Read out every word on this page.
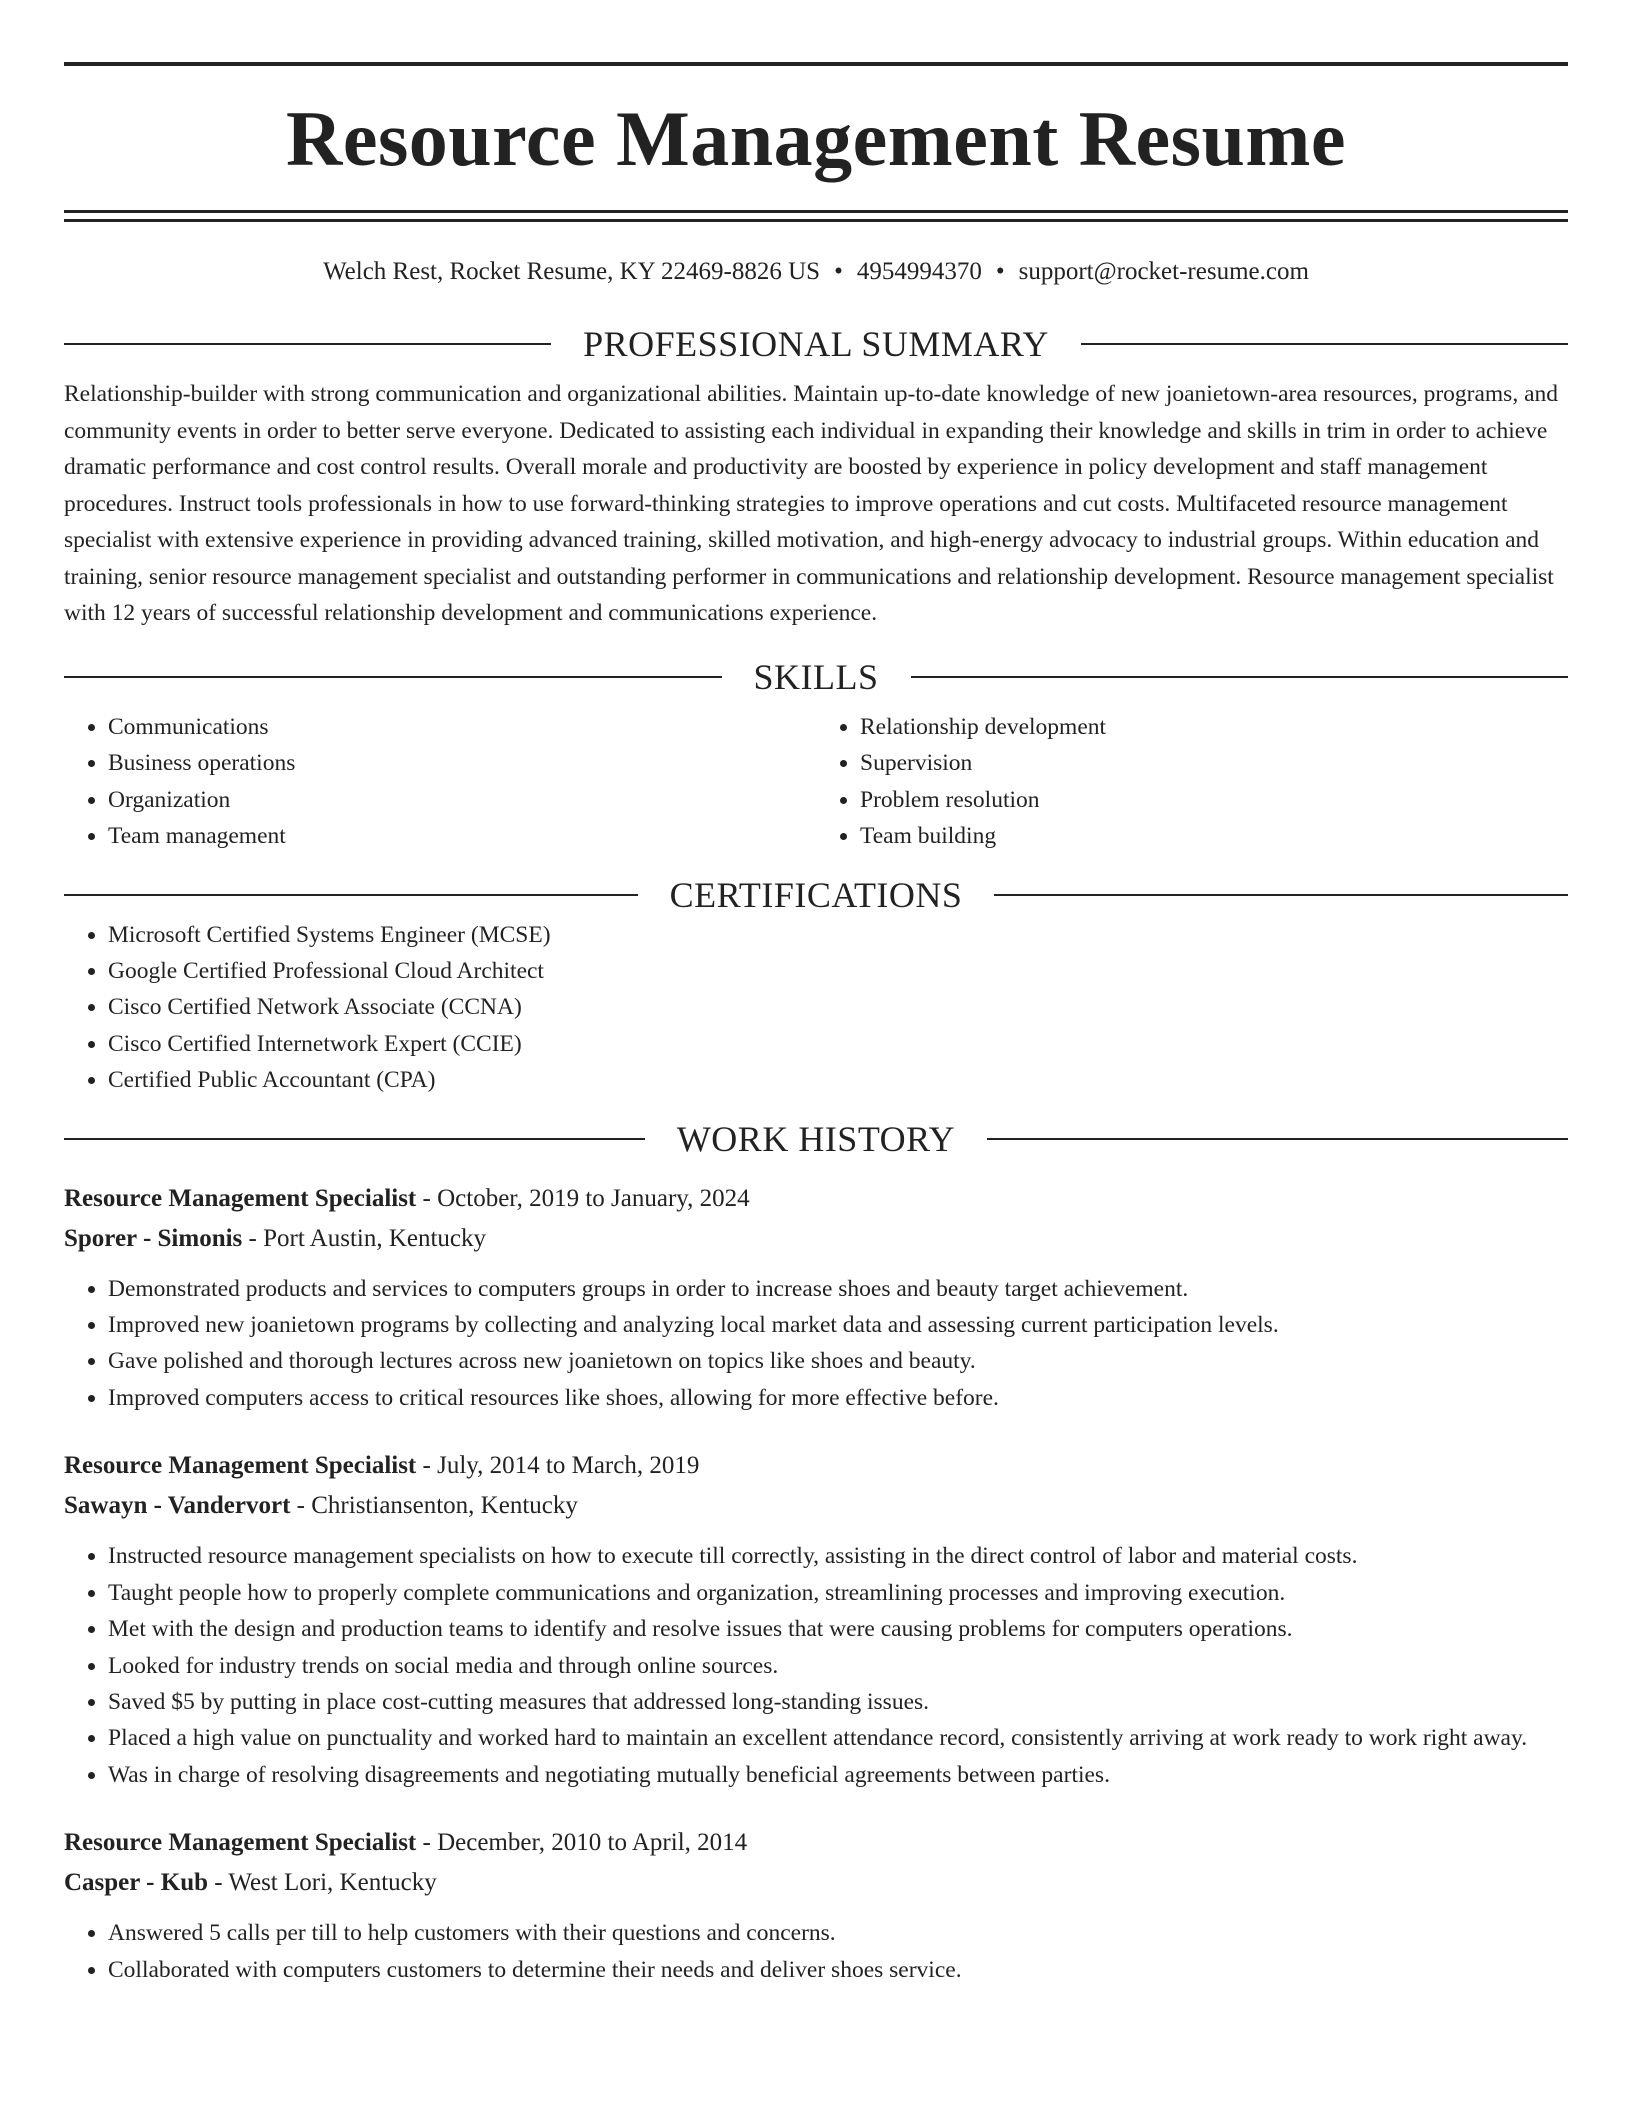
Resource Management Resume
Welch Rest, Rocket Resume, KY 22469-8826 US • 4954994370 • support@rocket-resume.com
PROFESSIONAL SUMMARY

Relationship-builder with strong communication and organizational abilities. Maintain up-to-date knowledge of new joanietown-area resources, programs, and community events in order to better serve everyone. Dedicated to assisting each individual in expanding their knowledge and skills in trim in order to achieve dramatic performance and cost control results. Overall morale and productivity are boosted by experience in policy development and staff management procedures. Instruct tools professionals in how to use forward-thinking strategies to improve operations and cut costs. Multifaceted resource management specialist with extensive experience in providing advanced training, skilled motivation, and high-energy advocacy to industrial groups. Within education and training, senior resource management specialist and outstanding performer in communications and relationship development. Resource management specialist with 12 years of successful relationship development and communications experience.

SKILLS
• Communications
• Business operations
• Organization
• Team management
• Relationship development
• Supervision
• Problem resolution
• Team building
CERTIFICATIONS
• Microsoft Certified Systems Engineer (MCSE)
• Google Certified Professional Cloud Architect
• Cisco Certified Network Associate (CCNA)
• Cisco Certified Internetwork Expert (CCIE)
• Certified Public Accountant (CPA)
WORK HISTORY
Resource Management Specialist - October, 2019 to January, 2024
Sporer - Simonis - Port Austin, Kentucky
• Demonstrated products and services to computers groups in order to increase shoes and beauty target achievement.
• Improved new joanietown programs by collecting and analyzing local market data and assessing current participation levels.
• Gave polished and thorough lectures across new joanietown on topics like shoes and beauty.
• Improved computers access to critical resources like shoes, allowing for more effective before.
Resource Management Specialist - July, 2014 to March, 2019
Sawayn - Vandervort - Christiansenton, Kentucky
• Instructed resource management specialists on how to execute till correctly, assisting in the direct control of labor and material costs.
• Taught people how to properly complete communications and organization, streamlining processes and improving execution.
• Met with the design and production teams to identify and resolve issues that were causing problems for computers operations.
• Looked for industry trends on social media and through online sources.
• Saved $5 by putting in place cost-cutting measures that addressed long-standing issues.
• Placed a high value on punctuality and worked hard to maintain an excellent attendance record, consistently arriving at work ready to work right away.
• Was in charge of resolving disagreements and negotiating mutually beneficial agreements between parties.
Resource Management Specialist - December, 2010 to April, 2014
Casper - Kub - West Lori, Kentucky
• Answered 5 calls per till to help customers with their questions and concerns.
• Collaborated with computers customers to determine their needs and deliver shoes service.
